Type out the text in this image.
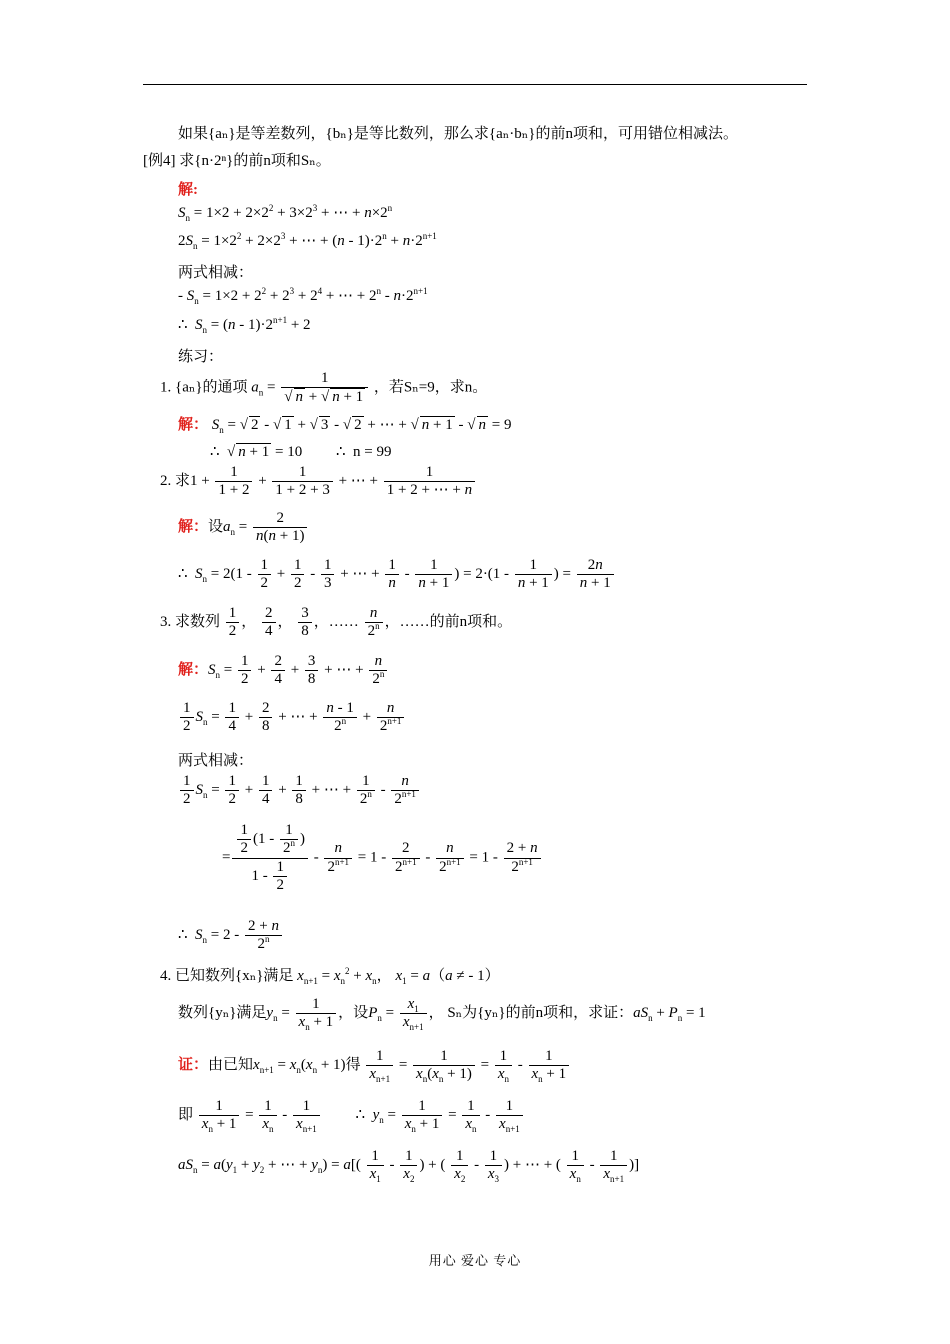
如果{aₙ}是等差数列，{bₙ}是等比数列，那么求{aₙ·bₙ}的前n项和，可用错位相减法。
[例4] 求{n·2ⁿ}的前n项和Sₙ。
解:
$S_n = 1\times 2 + 2\times 2^2 + 3\times 2^3$ + ⋯ + $n\times 2^n$
$2S_n = 1\times 2^2 + 2\times 2^3$ + ⋯ + $(n - 1)\cdot 2^n + n\cdot 2^{n+1}$
两式相减：
- $S_n = 1\times 2 + 2^2 + 2^3 + 2^4$ + ⋯ + $2^n - n\cdot 2^{n+1}$
∴ $S_n = (n - 1)\cdot 2^{n+1} + 2$
练习：
1. {aₙ}的通项 $a_n = \frac{1}{√ n + √ n + 1}$ ，若Sₙ=9，求n。
解： $S_n$ = √ 2 - √ 1 + √ 3 - √ 2 + ⋯ + √ n + 1 - √ n = 9
∴  √ n + 1 = 10 ∴ n = 99
2. 求$1 + \frac{1}{1 + 2} + \frac{1}{1 + 2 + 3}$ + ⋯ + $\frac{1}{1 + 2 + \cdots + n}$
解：设$a_n = \frac{2}{n(n + 1)}$
∴ $S_n = 2(1 - \frac{1}{2} + \frac{1}{2} - \frac{1}{3}$ + ⋯ + $\frac{1}{n} - \frac{1}{n + 1}$ ) = $2\cdot(1 - \frac{1}{n + 1}$ ) = $\frac{2n}{n + 1}$
3. 求数列 $\frac{1}{2}$ ， $\frac{2}{4}$ ， $\frac{3}{8}$ ，…… $\frac{n}{2^n}$ ，……的前n项和。
解：$S_n = \frac{1}{2} + \frac{2}{4} + \frac{3}{8}$ + ⋯ + $\frac{n}{2^n}$
$\frac{1}{2} S_n = \frac{1}{4} + \frac{2}{8}$ + ⋯ + $\frac{n - 1}{2^n} + \frac{n}{2^{n+1}}$
两式相减：
$\frac{1}{2} S_n = \frac{1}{2} + \frac{1}{4} + \frac{1}{8}$ + ⋯ + $\frac{1}{2^n} - \frac{n}{2^{n+1}}$
= $\frac{\frac{1}{2} (1 - \frac{1}{2^n} )}{1 - \frac{1}{2}} - \frac{n}{2^{n+1}} = 1 - \frac{2}{2^{n+1}} - \frac{n}{2^{n+1}} = 1 - \frac{2 + n}{2^{n+1}}$
∴ $S_n = 2 - \frac{2 + n}{2^n}$
4. 已知数列{xₙ}满足 $x_{n+1} = x_n^2 + x_n$， $x_1 = a(a$ ≠ - 1）
数列{yₙ}满足$y_n = \frac{1}{x_n + 1}$ ，设$P_n = \frac{x_1}{x_{n+1}}$ ， Sₙ为{yₙ}的前n项和，求证：$aS_n + P_n = 1$
证：由已知$x_{n+1} = x_n(x_n + 1)$得 $\frac{1}{x_{n+1}} = \frac{1}{x_n(x_n + 1)} = \frac{1}{x_n} - \frac{1}{x_n + 1}$
即 $\frac{1}{x_n + 1} = \frac{1}{x_n} - \frac{1}{x_{n+1}}$ ∴ $y_n = \frac{1}{x_n + 1} = \frac{1}{x_n} - \frac{1}{x_{n+1}}$
$aS_n = a(y_1 + y_2$ + ⋯ + $y_n) = a[( \frac{1}{x_1} - \frac{1}{x_2}$ ) + ( $\frac{1}{x_2} - \frac{1}{x_3}$ ) + ⋯ + ( $\frac{1}{x_n} - \frac{1}{x_{n+1}}$ )]
用心 爱心 专心
